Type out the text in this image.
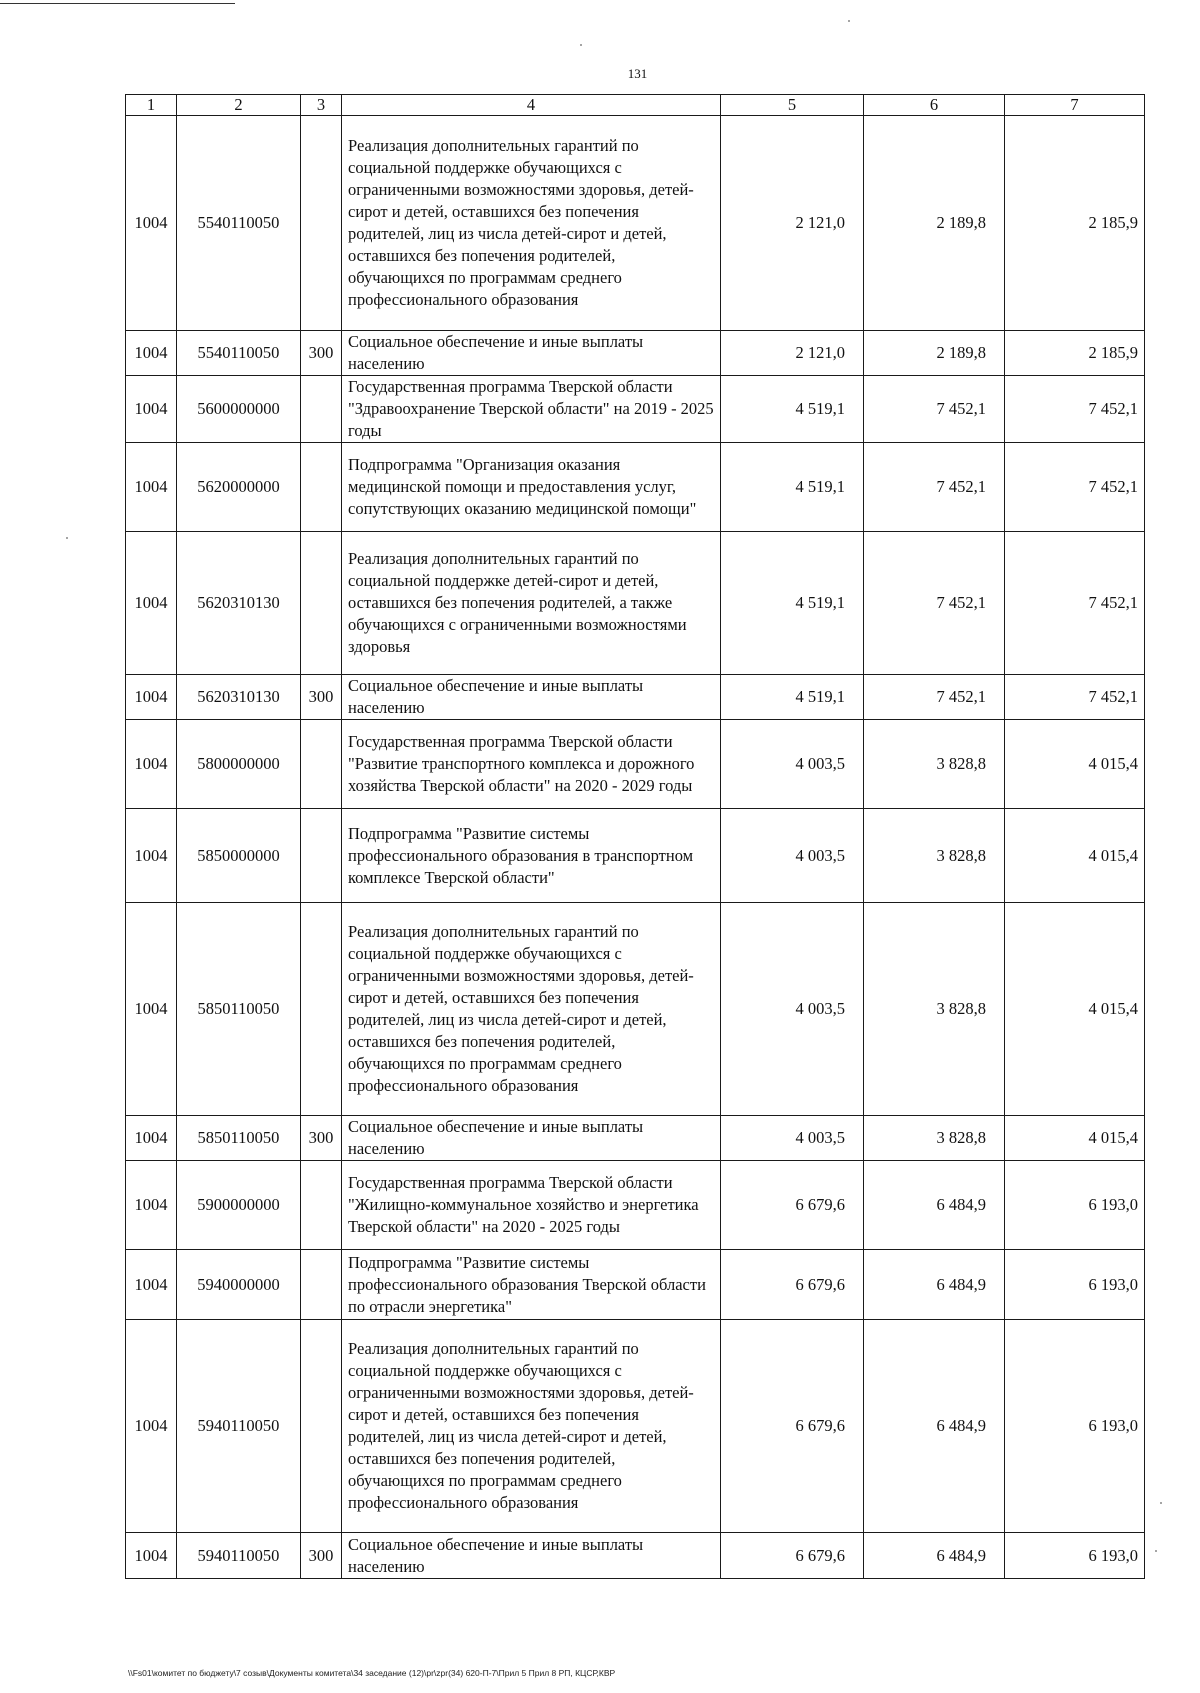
131
1	2	3	4	5	6	7
1004	5540110050		Реализация дополнительных гарантий по социальной поддержке обучающихся с ограниченными возможностями здоровья, детей-сирот и детей, оставшихся без попечения родителей, лиц из числа детей-сирот и детей, оставшихся без попечения родителей, обучающихся по программам среднего профессионального образования	2 121,0	2 189,8	2 185,9
1004	5540110050	300	Социальное обеспечение и иные выплаты населению	2 121,0	2 189,8	2 185,9
1004	5600000000		Государственная программа Тверской области "Здравоохранение Тверской области" на 2019 - 2025 годы	4 519,1	7 452,1	7 452,1
1004	5620000000		Подпрограмма "Организация оказания медицинской помощи и предоставления услуг, сопутствующих оказанию медицинской помощи"	4 519,1	7 452,1	7 452,1
1004	5620310130		Реализация дополнительных гарантий по социальной поддержке детей-сирот и детей, оставшихся без попечения родителей, а также обучающихся с ограниченными возможностями здоровья	4 519,1	7 452,1	7 452,1
1004	5620310130	300	Социальное обеспечение и иные выплаты населению	4 519,1	7 452,1	7 452,1
1004	5800000000		Государственная программа Тверской области "Развитие транспортного комплекса и дорожного хозяйства Тверской области" на 2020 - 2029 годы	4 003,5	3 828,8	4 015,4
1004	5850000000		Подпрограмма "Развитие системы профессионального образования в транспортном комплексе Тверской области"	4 003,5	3 828,8	4 015,4
1004	5850110050		Реализация дополнительных гарантий по социальной поддержке обучающихся с ограниченными возможностями здоровья, детей-сирот и детей, оставшихся без попечения родителей, лиц из числа детей-сирот и детей, оставшихся без попечения родителей, обучающихся по программам среднего профессионального образования	4 003,5	3 828,8	4 015,4
1004	5850110050	300	Социальное обеспечение и иные выплаты населению	4 003,5	3 828,8	4 015,4
1004	5900000000		Государственная программа Тверской области "Жилищно-коммунальное хозяйство и энергетика Тверской области" на 2020 - 2025 годы	6 679,6	6 484,9	6 193,0
1004	5940000000		Подпрограмма "Развитие системы профессионального образования Тверской области по отрасли энергетика"	6 679,6	6 484,9	6 193,0
1004	5940110050		Реализация дополнительных гарантий по социальной поддержке обучающихся с ограниченными возможностями здоровья, детей-сирот и детей, оставшихся без попечения родителей, лиц из числа детей-сирот и детей, оставшихся без попечения родителей, обучающихся по программам среднего профессионального образования	6 679,6	6 484,9	6 193,0
1004	5940110050	300	Социальное обеспечение и иные выплаты населению	6 679,6	6 484,9	6 193,0
\\Fs01\комитет по бюджету\7 созыв\Документы комитета\34 заседание (12)\pr\zpr(34) 620-П-7\Прил 5 Прил 8 РП, КЦСР,КВР
